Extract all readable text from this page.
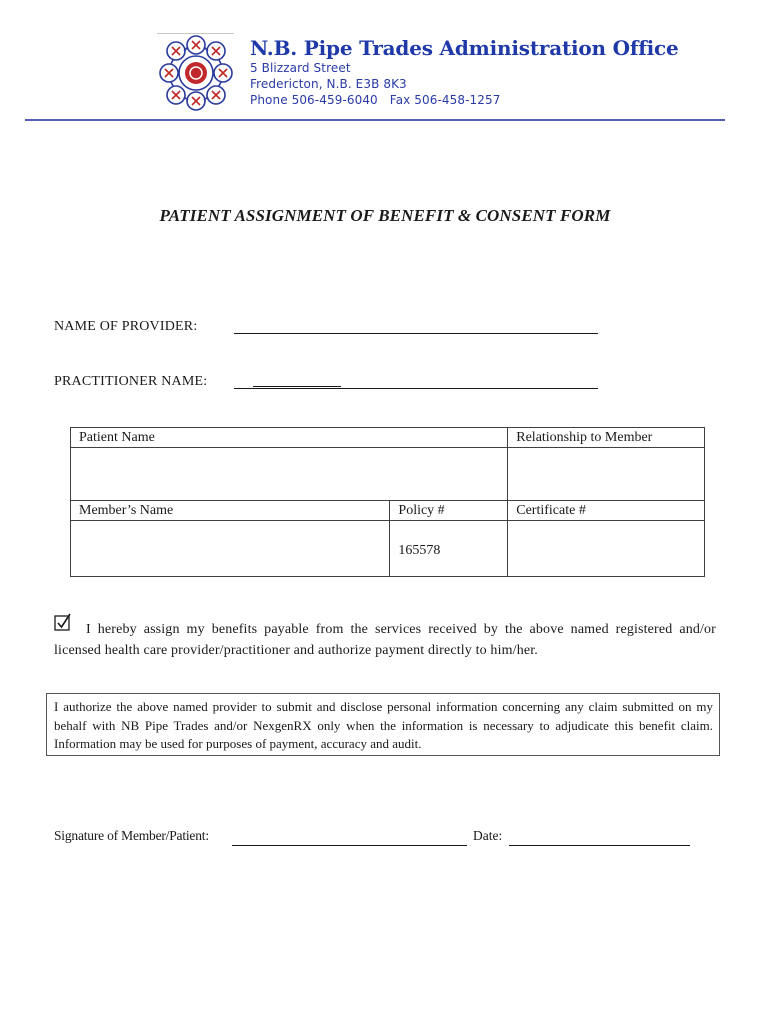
N.B. Pipe Trades Administration Office
5 Blizzard Street
Fredericton, N.B. E3B 8K3
Phone 506-459-6040 Fax 506-458-1257
PATIENT ASSIGNMENT OF BENEFIT & CONSENT FORM
NAME OF PROVIDER:
PRACTITIONER NAME:
Patient Name		Relationship to Member

Member’s Name	Policy #	Certificate #
	165578	
I hereby assign my benefits payable from the services received by the above named registered and/or licensed health care provider/practitioner and authorize payment directly to him/her.
I authorize the above named provider to submit and disclose personal information concerning any claim submitted on my behalf with NB Pipe Trades and/or NexgenRX only when the information is necessary to adjudicate this benefit claim. Information may be used for purposes of payment, accuracy and audit.
Signature of Member/Patient:	Date:
